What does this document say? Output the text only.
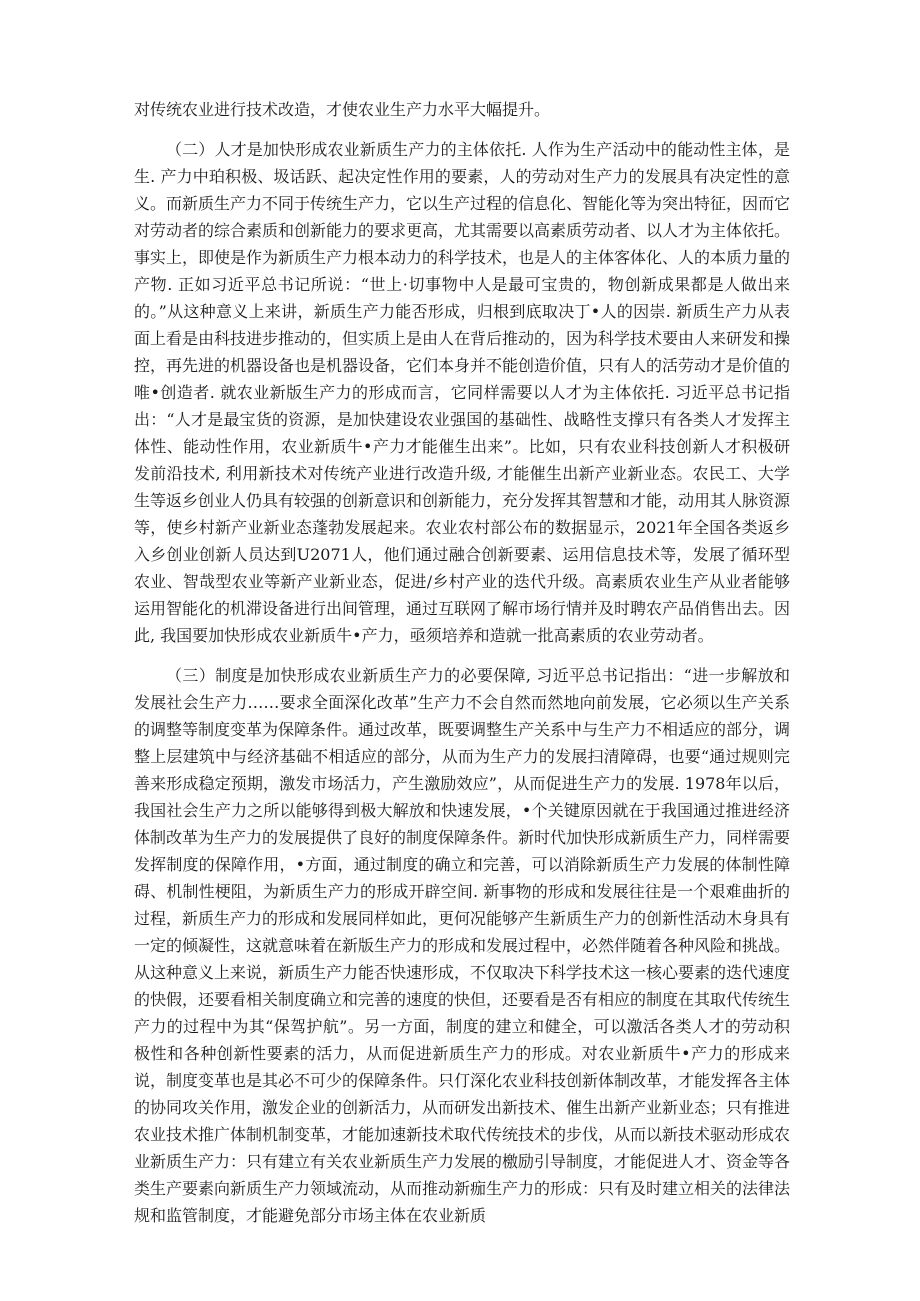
对传统农业进行技术改造，才使农业生产力水平大幅提升。

（二）人才是加快形成农业新质生产力的主体依托. 人作为生产活动中的能动性主体，是生. 产力中珀积极、圾话跃、起决定性作用的要素，人的劳动对生产力的发展具有决定性的意义。而新质生产力不同于传统生产力，它以生产过程的信息化、智能化等为突出特征，因而它对劳动者的综合素质和创新能力的要求更高，尤其需要以高素质劳动者、以人才为主体依托。事实上，即使是作为新质生产力根本动力的科学技术，也是人的主体客体化、人的本质力量的产物. 正如习近平总书记所说：“世上·切事物中人是最可宝贵的，物创新成果都是人做出来的。”从这种意义上来讲，新质生产力能否形成，归根到底取决丁•人的因崇. 新质生产力从表面上看是由科技进步推动的，但实质上是由人在背后推动的，因为科学技术要由人来研发和操控，再先进的机器设备也是机器设备，它们本身并不能创造价值，只有人的活劳动才是价值的唯•创造者. 就农业新版生产力的形成而言，它同样需要以人才为主体依托. 习近平总书记指出：“人才是最宝货的资源，是加快建设农业强国的基础性、战略性支撑只有各类人才发挥主体性、能动性作用，农业新质牛•产力才能催生出来”。比如，只有农业科技创新人才积极研发前沿技术, 利用新技术对传统产业进行改造升级, 才能催生出新产业新业态。农民工、大学生等返乡创业人仍具有较强的创新意识和创新能力，充分发挥其智慧和才能，动用其人脉资源等，使乡村新产业新业态蓬勃发展起来。农业农村部公布的数据显示，2021年全国各类返乡入乡创业创新人员达到U2071人，他们通过融合创新要素、运用信息技术等，发展了循环型农业、智哉型农业等新产业新业态，促进/乡村产业的迭代升级。高素质农业生产从业者能够运用智能化的机滞设备进行出间管理，通过互联网了解市场行情并及时聘农产品俏售出去。因此, 我国要加快形成农业新质牛•产力，亟须培养和造就一批高素质的农业劳动者。

（三）制度是加快形成农业新质生产力的必要保障, 习近平总书记指出：“进一步解放和发展社会生产力……要求全面深化改革”生产力不会自然而然地向前发展，它必须以生产关系的调整等制度变革为保障条件。通过改革，既要调整生产关系中与生产力不相适应的部分，调整上层建筑中与经济基础不相适应的部分，从而为生产力的发展扫清障碍，也要“通过规则完善来形成稳定预期，激发市场活力，产生激励效应”，从而促进生产力的发展. 1978年以后，我国社会生产力之所以能够得到极大解放和快速发展，•个关键原因就在于我国通过推进经济体制改革为生产力的发展提供了良好的制度保障条件。新时代加快形成新质生产力，同样需要发挥制度的保障作用，•方面，通过制度的确立和完善，可以消除新质生产力发展的体制性障碍、机制性梗阻，为新质生产力的形成开辟空间. 新事物的形成和发展往往是一个艰难曲折的过程，新质生产力的形成和发展同样如此，更何况能够产生新质生产力的创新性活动木身具有一定的倾凝性，这就意味着在新版生产力的形成和发展过程中，必然伴随着各种风险和挑战。从这种意义上来说，新质生产力能否快速形成，不仅取决下科学技术这一核心要素的迭代速度的快假，还要看相关制度确立和完善的速度的快但，还要看是否有相应的制度在其取代传统生产力的过程中为其“保驾护航”。另一方面，制度的建立和健全，可以激活各类人才的劳动积极性和各种创新性要素的活力，从而促进新质生产力的形成。对农业新质牛•产力的形成来说，制度变革也是其必不可少的保障条件。只仃深化农业科技创新体制改革，才能发挥各主体的协同攻关作用，激发企业的创新活力，从而研发出新技术、催生出新产业新业态；只有推进农业技术推广体制机制变革，才能加速新技术取代传统技术的步伐，从而以新技术驱动形成农业新质生产力：只有建立有关农业新质生产力发展的檄励引导制度，才能促进人才、资金等各类生产要素向新质生产力领域流动，从而推动新痂生产力的形成：只有及时建立相关的法律法规和监管制度，才能避免部分市场主体在农业新质
